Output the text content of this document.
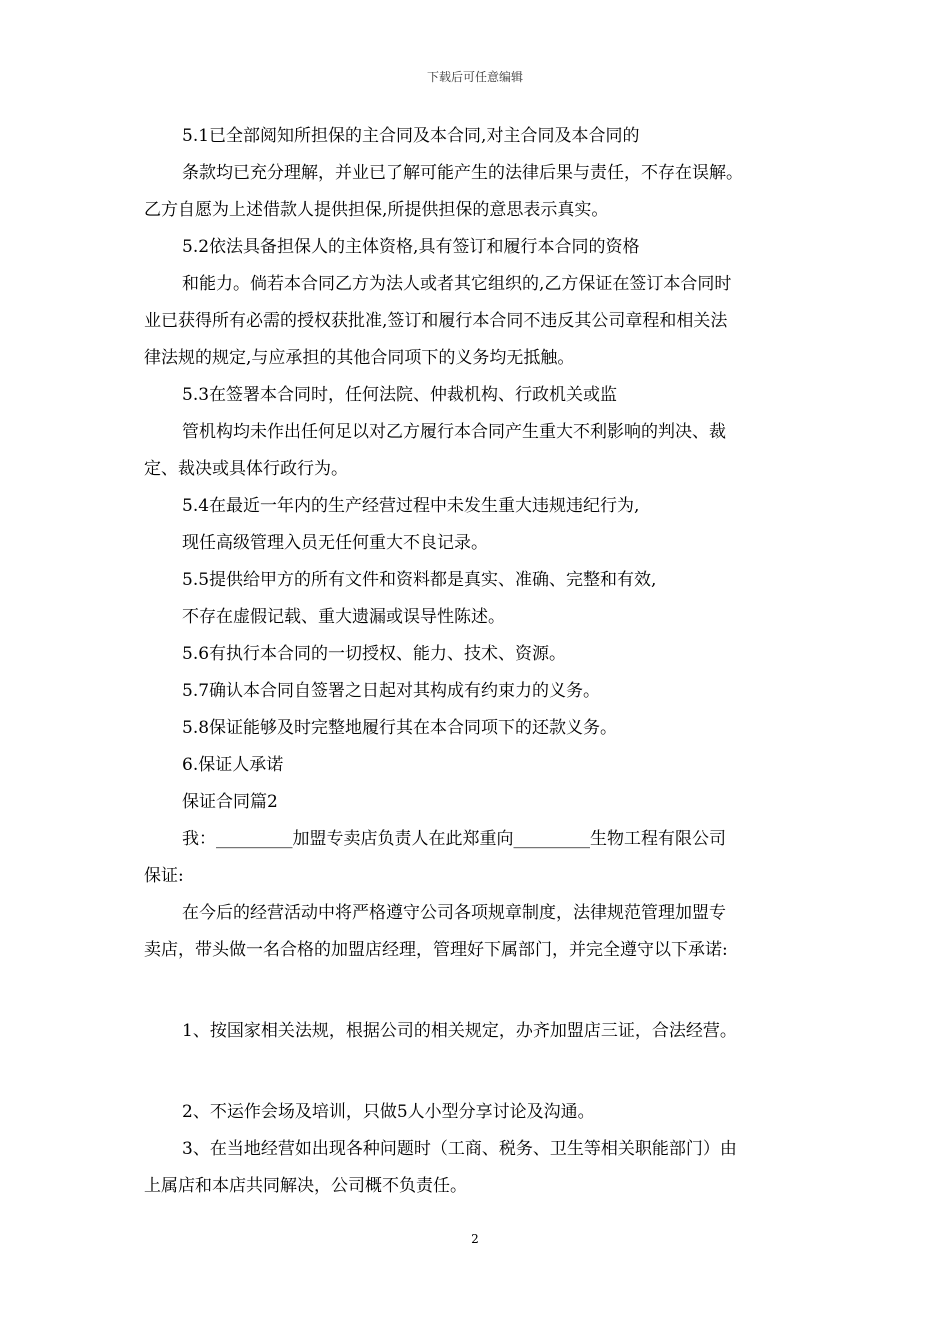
下载后可任意编辑
5.1已全部阅知所担保的主合同及本合同,对主合同及本合同的
条款均已充分理解，并业已了解可能产生的法律后果与责任，不存在误解。
乙方自愿为上述借款人提供担保,所提供担保的意思表示真实。
5.2依法具备担保人的主体资格,具有签订和履行本合同的资格
和能力。倘若本合同乙方为法人或者其它组织的,乙方保证在签订本合同时
业已获得所有必需的授权获批准,签订和履行本合同不违反其公司章程和相关法
律法规的规定,与应承担的其他合同项下的义务均无抵触。
5.3在签署本合同时，任何法院、仲裁机构、行政机关或监
管机构均未作出任何足以对乙方履行本合同产生重大不利影响的判决、裁
定、裁决或具体行政行为。
5.4在最近一年内的生产经营过程中未发生重大违规违纪行为,
现任高级管理入员无任何重大不良记录。
5.5提供给甲方的所有文件和资料都是真实、准确、完整和有效,
不存在虚假记载、重大遗漏或误导性陈述。
5.6有执行本合同的一切授权、能力、技术、资源。
5.7确认本合同自签署之日起对其构成有约束力的义务。
5.8保证能够及时完整地履行其在本合同项下的还款义务。
6.保证人承诺
保证合同篇2
我：_________加盟专卖店负责人在此郑重向_________生物工程有限公司
保证:
在今后的经营活动中将严格遵守公司各项规章制度，法律规范管理加盟专
卖店，带头做一名合格的加盟店经理，管理好下属部门，并完全遵守以下承诺:
1、按国家相关法规，根据公司的相关规定，办齐加盟店三证，合法经营。
2、不运作会场及培训，只做5人小型分享讨论及沟通。
3、在当地经营如出现各种问题时（工商、税务、卫生等相关职能部门）由
上属店和本店共同解决，公司概不负责任。
2
